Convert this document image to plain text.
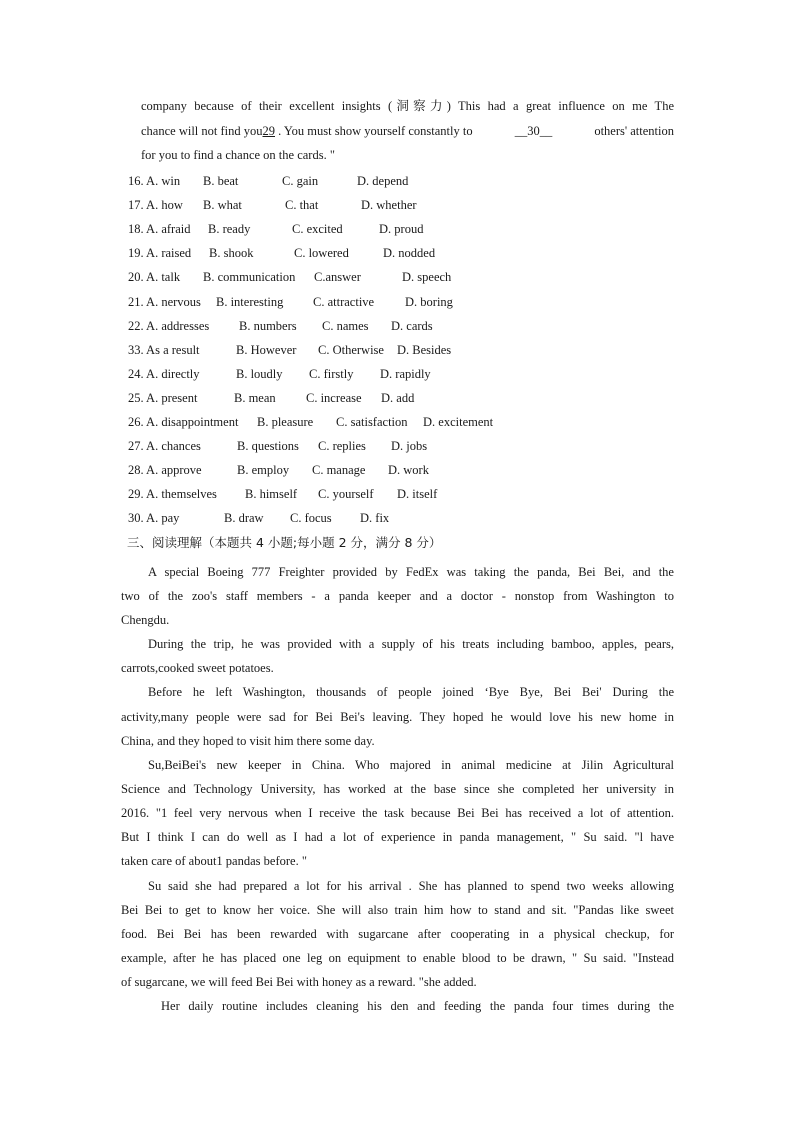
company because of their excellent insights (洞察力) This had a great influence on me The
chance will not find you29 . You must show yourself constantly to	__30__	others' attention
for you to find a chance on the cards. "
16. A. win B. beat	C. gain	D. depend
17. A. how B. what	C. that	D. whether
18. A. afraid B. ready	C. excited	D. proud
19. A. raised B. shook	C. lowered	D. nodded
20. A. talk B. communication C.answer	D. speech
21. A. nervous B. interesting C. attractive D. boring
22. A. addresses B. numbers C. names D. cards
33. As a result	B. However C. Otherwise D. Besides
24. A. directly	B. loudly C. firstly D. rapidly
25. A. present	B. mean C. increase D. add
26. A. disappointment B. pleasure C. satisfaction D. excitement
27. A. chances	B. questions C. replies D. jobs
28. A. approve	B. employ C. manage D. work
29. A. themselves B. himself C. yourself D. itself
30. A. pay	B. draw C. focus D. fix
三、阅读理解（本题共 4 小题;每小题 2 分，满分 8 分）
A special Boeing 777 Freighter provided by FedEx was taking the panda, Bei Bei, and the
two of the zoo's staff members - a panda keeper and a doctor - nonstop from Washington to
Chengdu.
During the trip, he was provided with a supply of his treats including bamboo, apples, pears,
carrots,cooked sweet potatoes.
Before he left Washington, thousands of people joined ‘Bye Bye, Bei Bei' During the
activity,many people were sad for Bei Bei's leaving. They hoped he would love his new home in
China, and they hoped to visit him there some day.
Su,BeiBei's new keeper in China. Who majored in animal medicine at Jilin Agricultural
Science and Technology University, has worked at the base since she completed her university in
2016. "1 feel very nervous when I receive the task because Bei Bei has received a lot of attention.
But I think I can do well as I had a lot of experience in panda management, " Su said. "l have
taken care of about1 pandas before. "
Su said she had prepared a lot for his arrival . She has planned to spend two weeks allowing
Bei Bei to get to know her voice. She will also train him how to stand and sit. "Pandas like sweet
food. Bei Bei has been rewarded with sugarcane after cooperating in a physical checkup, for
example, after he has placed one leg on equipment to enable blood to be drawn, " Su said. "Instead
of sugarcane, we will feed Bei Bei with honey as a reward. "she added.
Her daily routine includes cleaning his den and feeding the panda four times during the
